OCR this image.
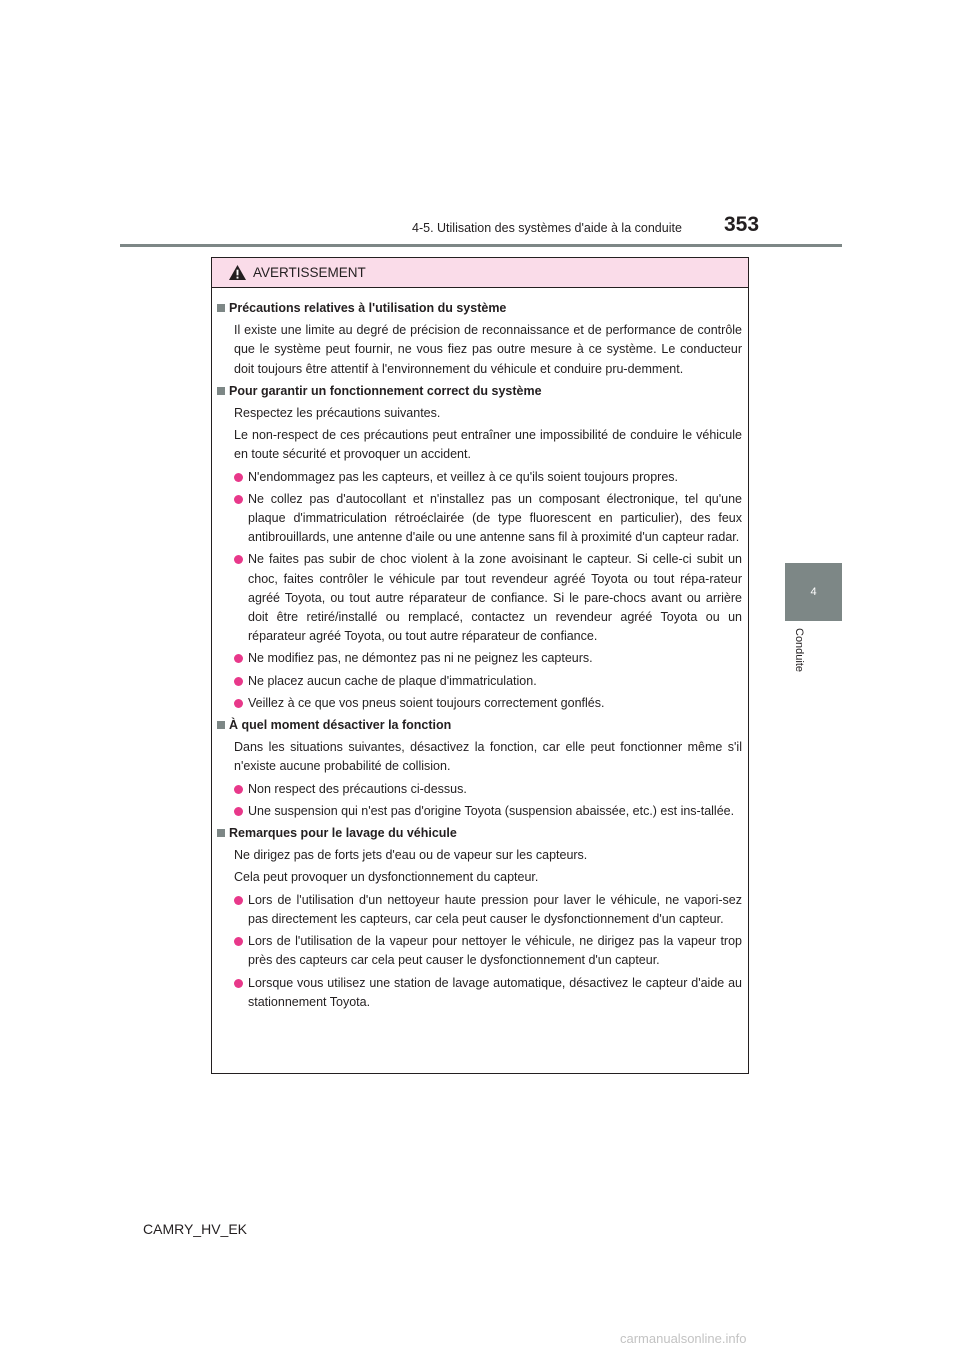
4-5. Utilisation des systèmes d'aide à la conduite 353
4
Conduite
AVERTISSEMENT
Précautions relatives à l'utilisation du système
Il existe une limite au degré de précision de reconnaissance et de performance de contrôle que le système peut fournir, ne vous fiez pas outre mesure à ce système. Le conducteur doit toujours être attentif à l'environnement du véhicule et conduire pru-demment.
Pour garantir un fonctionnement correct du système
Respectez les précautions suivantes.
Le non-respect de ces précautions peut entraîner une impossibilité de conduire le véhicule en toute sécurité et provoquer un accident.
N'endommagez pas les capteurs, et veillez à ce qu'ils soient toujours propres.
Ne collez pas d'autocollant et n'installez pas un composant électronique, tel qu'une plaque d'immatriculation rétroéclairée (de type fluorescent en particulier), des feux antibrouillards, une antenne d'aile ou une antenne sans fil à proximité d'un capteur radar.
Ne faites pas subir de choc violent à la zone avoisinant le capteur. Si celle-ci subit un choc, faites contrôler le véhicule par tout revendeur agréé Toyota ou tout répa-rateur agréé Toyota, ou tout autre réparateur de confiance. Si le pare-chocs avant ou arrière doit être retiré/installé ou remplacé, contactez un revendeur agréé Toyota ou un réparateur agréé Toyota, ou tout autre réparateur de confiance.
Ne modifiez pas, ne démontez pas ni ne peignez les capteurs.
Ne placez aucun cache de plaque d'immatriculation.
Veillez à ce que vos pneus soient toujours correctement gonflés.
À quel moment désactiver la fonction
Dans les situations suivantes, désactivez la fonction, car elle peut fonctionner même s'il n'existe aucune probabilité de collision.
Non respect des précautions ci-dessus.
Une suspension qui n'est pas d'origine Toyota (suspension abaissée, etc.) est ins-tallée.
Remarques pour le lavage du véhicule
Ne dirigez pas de forts jets d'eau ou de vapeur sur les capteurs.
Cela peut provoquer un dysfonctionnement du capteur.
Lors de l'utilisation d'un nettoyeur haute pression pour laver le véhicule, ne vapori-sez pas directement les capteurs, car cela peut causer le dysfonctionnement d'un capteur.
Lors de l'utilisation de la vapeur pour nettoyer le véhicule, ne dirigez pas la vapeur trop près des capteurs car cela peut causer le dysfonctionnement d'un capteur.
Lorsque vous utilisez une station de lavage automatique, désactivez le capteur d'aide au stationnement Toyota.
CAMRY_HV_EK
carmanualsonline.info
